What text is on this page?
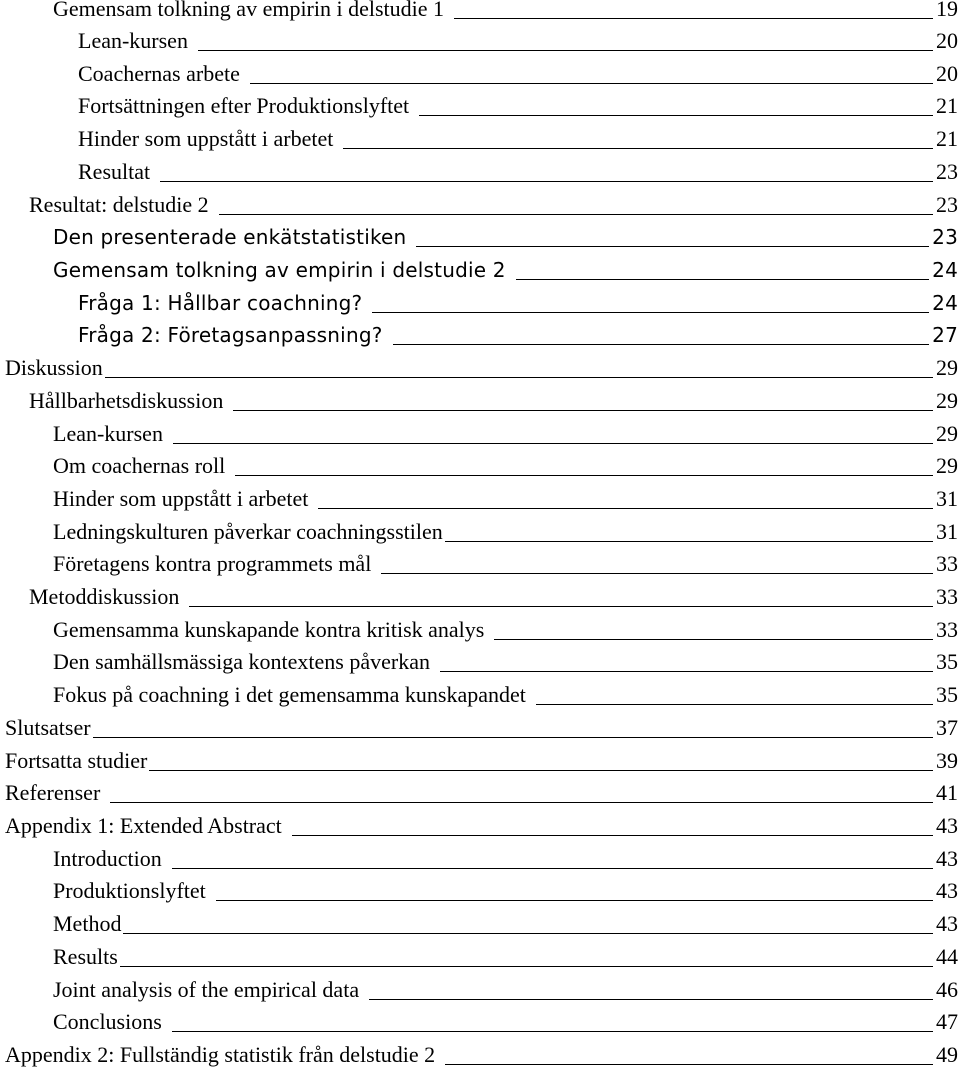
Gemensam tolkning av empirin i delstudie 1	19
Lean-kursen	20
Coachernas arbete	20
Fortsättningen efter Produktionslyftet	21
Hinder som uppstått i arbetet	21
Resultat	23
Resultat: delstudie 2	23
Den presenterade enkätstatistiken	23
Gemensam tolkning av empirin i delstudie 2	24
Fråga 1: Hållbar coachning?	24
Fråga 2: Företagsanpassning?	27
Diskussion	29
Hållbarhetsdiskussion	29
Lean-kursen	29
Om coachernas roll	29
Hinder som uppstått i arbetet	31
Ledningskulturen påverkar coachningsstilen	31
Företagens kontra programmets mål	33
Metoddiskussion	33
Gemensamma kunskapande kontra kritisk analys	33
Den samhällsmässiga kontextens påverkan	35
Fokus på coachning i det gemensamma kunskapandet	35
Slutsatser	37
Fortsatta studier	39
Referenser	41
Appendix 1: Extended Abstract	43
Introduction	43
Produktionslyftet	43
Method	43
Results	44
Joint analysis of the empirical data	46
Conclusions	47
Appendix 2: Fullständig statistik från delstudie 2	49
